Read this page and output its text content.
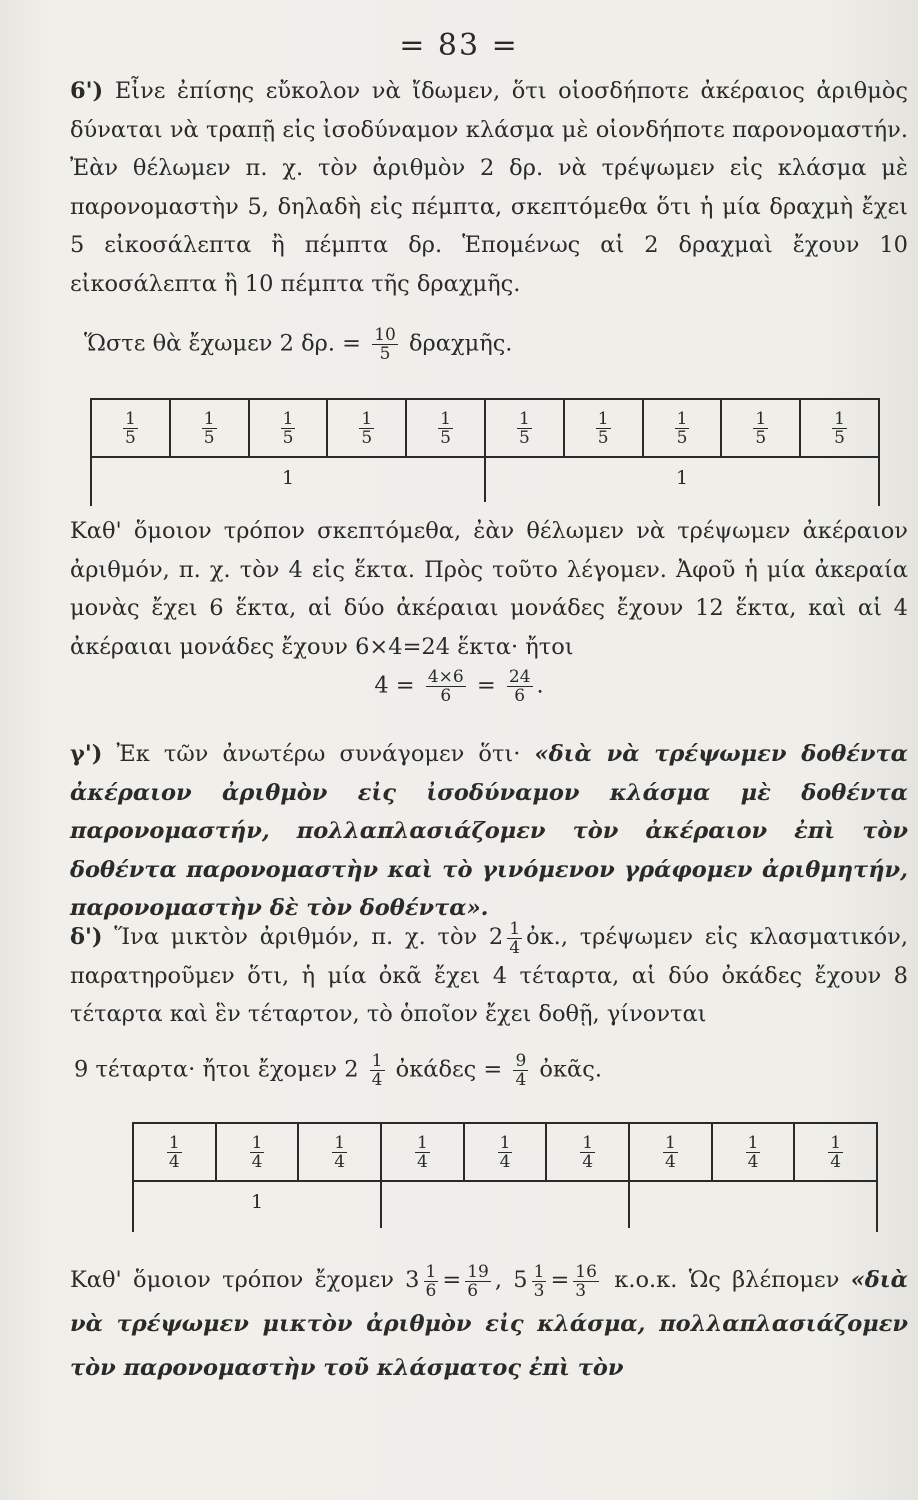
= 83 =

6') Εἶνε ἐπίσης εὔκολον νὰ ἴδωμεν, ὅτι οἱοσδήποτε ἀκέραιος ἀριθμὸς δύναται νὰ τραπῇ εἰς ἰσοδύναμον κλάσμα μὲ οἱονδήποτε παρονομαστήν. Ἐὰν θέλωμεν π. χ. τὸν ἀριθμὸν 2 δρ. νὰ τρέψωμεν εἰς κλάσμα μὲ παρονομαστὴν 5, δηλαδὴ εἰς πέμπτα, σκεπτόμεθα ὅτι ἡ μία δραχμὴ ἔχει 5 εἰκοσάλεπτα ἢ πέμπτα δρ. Ἑπομένως αἱ 2 δραχμαὶ ἔχουν 10 εἰκοσάλεπτα ἢ 10 πέμπτα τῆς δραχμῆς.

Ὥστε θὰ ἔχωμεν 2 δρ. = $\frac{10}{5}$ δραχμῆς.
$\frac{1}{5}$	$\frac{1}{5}$	$\frac{1}{5}$	$\frac{1}{5}$	$\frac{1}{5}$	$\frac{1}{5}$	$\frac{1}{5}$	$\frac{1}{5}$	$\frac{1}{5}$	$\frac{1}{5}$
1	1

Καθ' ὅμοιον τρόπον σκεπτόμεθα, ἐὰν θέλωμεν νὰ τρέψωμεν ἀκέραιον ἀριθμόν, π. χ. τὸν 4 εἰς ἕκτα. Πρὸς τοῦτο λέγομεν. Ἀφοῦ ἡ μία ἀκεραία μονὰς ἔχει 6 ἕκτα, αἱ δύο ἀκέραιαι μονάδες ἔχουν 12 ἕκτα, καὶ αἱ 4 ἀκέραιαι μονάδες ἔχουν 6×4=24 ἕκτα· ἤτοι

$4 = \frac{4\times 6}{6} = \frac{24}{6}$ .

γ') Ἐκ τῶν ἀνωτέρω συνάγομεν ὅτι· «διὰ νὰ τρέψωμεν δοθέντα ἀκέραιον ἀριθμὸν εἰς ἰσοδύναμον κλάσμα μὲ δοθέντα παρονομαστήν, πολλαπλασιάζομεν τὸν ἀκέραιον ἐπὶ τὸν δοθέντα παρονομαστὴν καὶ τὸ γινόμενον γράφομεν ἀριθμητήν, παρονομαστὴν δὲ τὸν δοθέντα».

δ') Ἵνα μικτὸν ἀριθμόν, π. χ. τὸν $2 \frac{1}{4}$ ὀκ., τρέψωμεν εἰς κλασματικόν, παρατηροῦμεν ὅτι, ἡ μία ὀκᾶ ἔχει 4 τέταρτα, αἱ δύο ὀκάδες ἔχουν 8 τέταρτα καὶ ἓν τέταρτον, τὸ ὁποῖον ἔχει δοθῇ, γίνονται

9 τέταρτα· ἤτοι ἔχομεν $2 \frac{1}{4}$ ὀκάδες = $\frac{9}{4}$ ὀκᾶς.
$\frac{1}{4}$	$\frac{1}{4}$	$\frac{1}{4}$	$\frac{1}{4}$	$\frac{1}{4}$	$\frac{1}{4}$	$\frac{1}{4}$	$\frac{1}{4}$	$\frac{1}{4}$
1

Καθ' ὅμοιον τρόπον ἔχομεν $3 \frac{1}{6} = \frac{19}{6}$ , $5 \frac{1}{3} = \frac{16}{3} \kappa.o.\kappa$. Ὡς βλέπομεν «διὰ νὰ τρέψωμεν μικτὸν ἀριθμὸν εἰς κλάσμα, πολλαπλασιάζομεν τὸν παρονομαστὴν τοῦ κλάσματος ἐπὶ τὸν
